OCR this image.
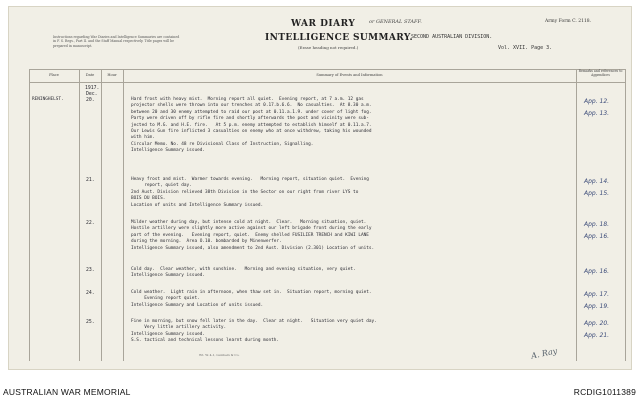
Instructions regarding War Diaries and Intelligence Summaries are contained in F. S. Regs., Part II. and the Staff Manual respectively. Title pages will be prepared in manuscript.
WAR DIARY	or GENERAL STAFF.	Army Form C. 2118.
INTELLIGENCE SUMMARY.
SECOND AUSTRALIAN DIVISION.
(Erase heading not required.)	Vol. XVII. Page 3.
Place	Date	Hour	Summary of Events and Information
Remarks and references to Appendices
RENINGHELST.
1917.
Dec.
20.	Hard frost with heavy mist.  Morning report all quiet.  Evening report, at 7 a.m. 12 gas
projector shells were thrown into our trenches at 0.17.b.6.6.  No casualties.  At 8.30 a.m.
between 20 and 30 enemy attempted to raid our post at 0.11.a.1.9. under cover of light fog.
Party were driven off by rifle fire and shortly afterwards the post and vicinity were sub-
jected to M.G. and H.E. fire.   At 5 p.m. enemy attempted to establish himself at 0.11.a.7.
Our Lewis Gun fire inflicted 3 casualties on enemy who at once withdrew, taking his wounded
with him.
Circular Memo. No. 48 re Divisional Class of Instruction, Signalling.
Intelligence Summary issued.
App. 12.
App. 13.
21.	Heavy frost and mist.  Warmer towards evening.   Morning report, situation quiet.  Evening
report, quiet day.
2nd Aust. Division relieved 38th Division in the Sector on our right from river LYS to
BOIS DU BOIS.
Location of units and Intelligence Summary issued.
App. 14.
App. 15.
22.	Milder weather during day, but intense cold at night.  Clear.   Morning situation, quiet.
Hostile artillery were slightly more active against our left brigade front during the early
part of the evening.   Evening report, quiet.  Enemy shelled FUSILIER TRENCH and KIWI LANE
during the morning.  Area O.10. bombarded by Minenwerfer.
Intelligence Summary issued, also amendment to 2nd Aust. Division (2.301) Location of units.
App. 18.
App. 16.
23.	Cold day.  Clear weather, with sunshine.   Morning and evening situation, very quiet.
Intelligence Summary issued.
App. 16.
24.	Cold weather.  Light rain in afternoon, when thaw set in.  Situation report, morning quiet.
Evening report quiet.
Intelligence Summary and Location of units issued.
App. 17.
App. 19.
25.	Fine in morning, but snow fell later in the day.  Clear at night.   Situation very quiet day.
Very little artillery activity.
Intelligence Summary issued.
S.S. tactical and technical lessons learnt during month.
App. 20.
App. 21.
Wt. W. 4-1, Lumbers & Co.	A. Ray
AUSTRALIAN WAR MEMORIAL	RCDIG1011389
